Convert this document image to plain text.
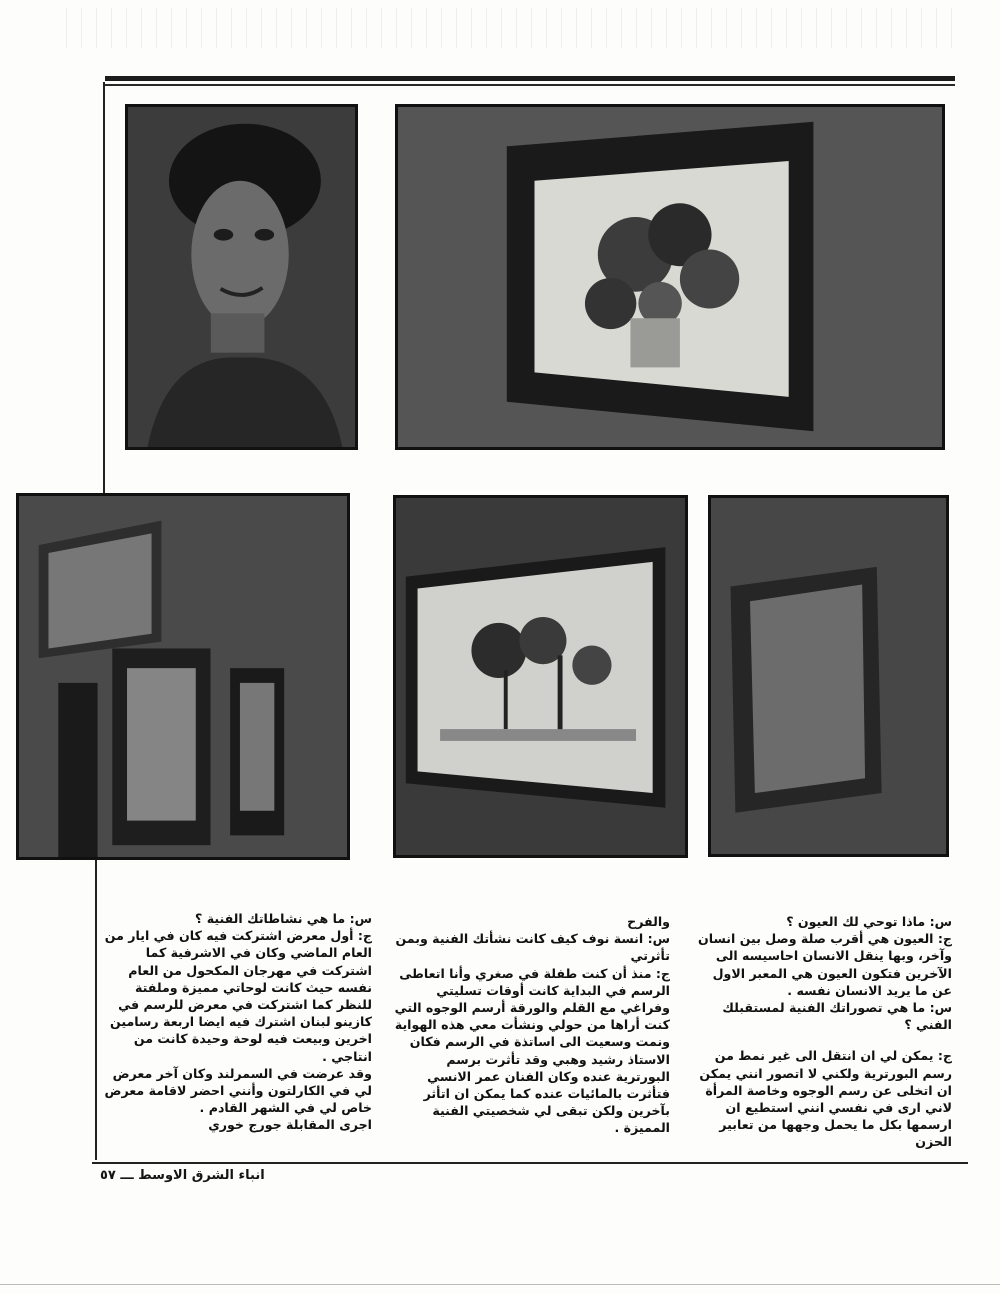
س: ماذا توحي لك العيون ؟

ج: العيون هي أقرب صلة وصل بين انسان وآخر، وبها ينقل الانسان احاسيسه الى الآخرين فتكون العيون هي المعبر الاول عن ما يريد الانسان نفسه .

س: ما هي تصوراتك الفنية لمستقبلك الفني ؟

ج: يمكن لي ان انتقل الى غير نمط من رسم البورترية ولكني لا اتصور انني يمكن ان اتخلى عن رسم الوجوه وخاصة المرأة لاني ارى في نفسي انني استطيع ان ارسمها بكل ما يحمل وجهها من تعابير الحزن

والفرح

س: انسة نوف كيف كانت نشأتك الفنية وبمن تأثرتي

ج: منذ أن كنت طفلة في صغري وأنا اتعاطى الرسم في البداية كانت أوقات تسليتي وفراغي مع القلم والورقة أرسم الوجوه التي كنت أراها من حولي ونشأت معي هذه الهواية ونمت وسعيت الى اساتذة في الرسم فكان الاستاذ رشيد وهبي وقد تأثرت برسم البورترية عنده وكان الفنان عمر الانسي فتأثرت بالمائيات عنده كما يمكن ان اتأثر بآخرين ولكن تبقى لي شخصيتي الفنية المميزة .

س: ما هي نشاطاتك الفنية ؟

ج: أول معرض اشتركت فيه كان في ايار من العام الماضي وكان في الاشرفية كما اشتركت في مهرجان المكحول من العام نفسه حيث كانت لوحاتي مميزة وملفتة للنظر كما اشتركت في معرض للرسم في كازينو لبنان اشترك فيه ايضا اربعة رسامين اخرين وبيعت فيه لوحة وحيدة كانت من انتاجي .

وقد عرضت في السمرلند وكان آخر معرض لي في الكارلتون وأنني احضر لاقامة معرض خاص لي في الشهر القادم .

اجرى المقابلة جورج خوري

انباء الشرق الاوسط ـــ ٥٧
